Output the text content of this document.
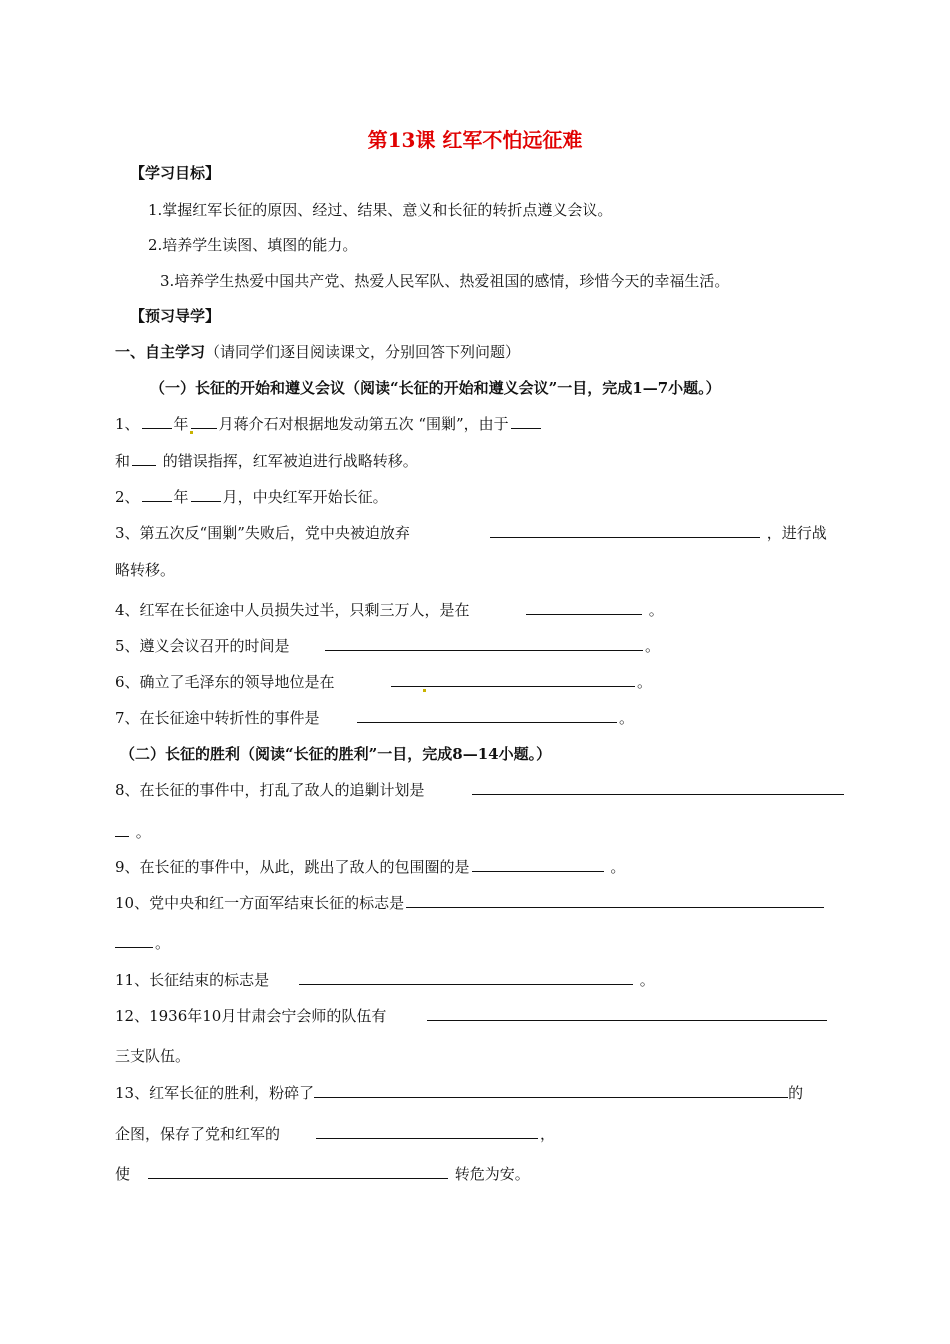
第13课 红军不怕远征难
【学习目标】
1.掌握红军长征的原因、经过、结果、意义和长征的转折点遵义会议。
2.培养学生读图、填图的能力。
3.培养学生热爱中国共产党、热爱人民军队、热爱祖国的感情，珍惜今天的幸福生活。
【预习导学】
一、自主学习（请同学们逐目阅读课文，分别回答下列问题）
（一）长征的开始和遵义会议（阅读“长征的开始和遵义会议”一目，完成1—7小题。）
1、 年 月蒋介石对根据地发动第五次 “围剿”，由于
和 的错误指挥，红军被迫进行战略转移。
2、 年 月，中央红军开始长征。
3、第五次反“围剿”失败后，党中央被迫放弃	，进行战
略转移。
4、红军在长征途中人员损失过半，只剩三万人，是在	。
5、遵义会议召开的时间是	。
6、确立了毛泽东的领导地位是在	。
7、在长征途中转折性的事件是	。
（二）长征的胜利（阅读“长征的胜利”一目，完成8—14小题。）
8、在长征的事件中，打乱了敌人的追剿计划是
。
9、在长征的事件中，从此，跳出了敌人的包围圈的是	。
10、党中央和红一方面军结束长征的标志是
。
11、长征结束的标志是	。
12、1936年10月甘肃会宁会师的队伍有
三支队伍。
13、红军长征的胜利，粉碎了	的
企图，保存了党和红军的	，
使	转危为安。
